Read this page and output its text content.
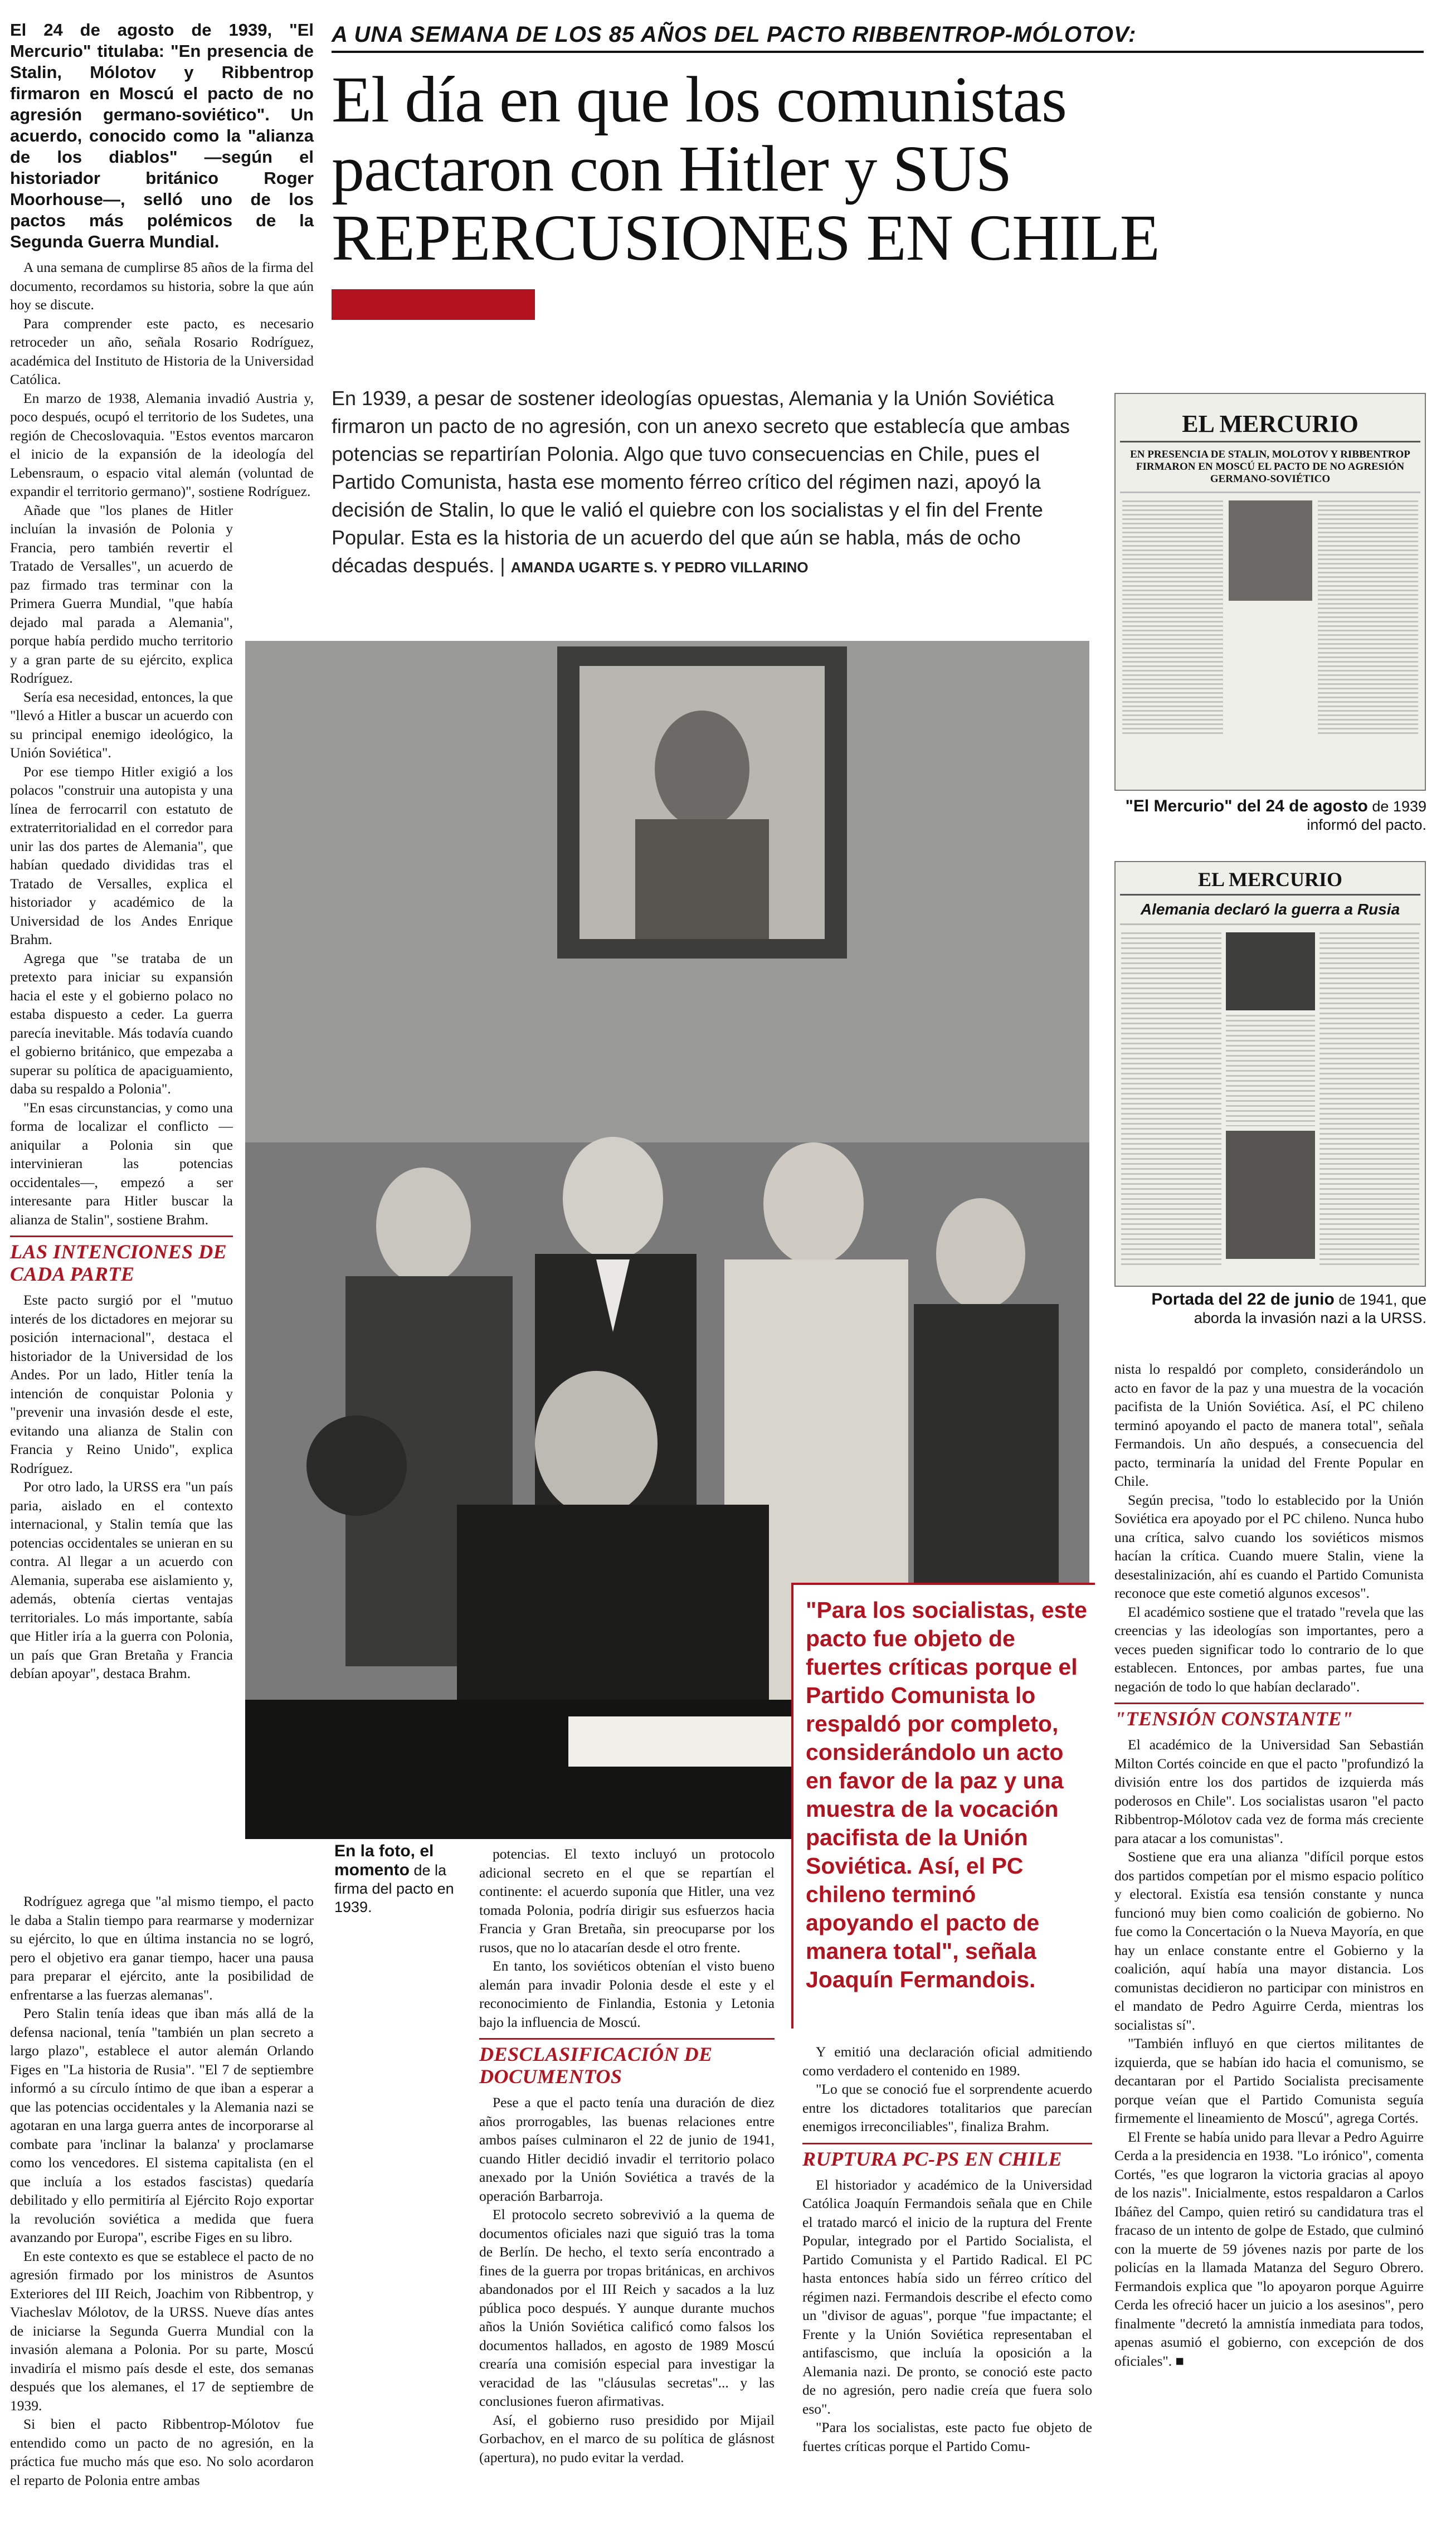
A UNA SEMANA DE LOS 85 AÑOS DEL PACTO RIBBENTROP-MÓLOTOV:
El día en que los comunistas
pactaron con Hitler y SUS
REPERCUSIONES EN CHILE
En 1939, a pesar de sostener ideologías opuestas, Alemania y la Unión Soviética firmaron un pacto de no agresión, con un anexo secreto que establecía que ambas potencias se repartirían Polonia. Algo que tuvo consecuencias en Chile, pues el Partido Comunista, hasta ese momento férreo crítico del régimen nazi, apoyó la decisión de Stalin, lo que le valió el quiebre con los socialistas y el fin del Frente Popular. Esta es la historia de un acuerdo del que aún se habla, más de ocho décadas después. | AMANDA UGARTE S. Y PEDRO VILLARINO
El 24 de agosto de 1939, "El Mercurio" titulaba: "En presencia de Stalin, Mólotov y Ribbentrop firmaron en Moscú el pacto de no agresión germano-soviético". Un acuerdo, conocido como la "alianza de los diablos" —según el historiador británico Roger Moorhouse—, selló uno de los pactos más polémicos de la Segunda Guerra Mundial.

A una semana de cumplirse 85 años de la firma del documento, recordamos su historia, sobre la que aún hoy se discute.

Para comprender este pacto, es necesario retroceder un año, señala Rosario Rodríguez, académica del Instituto de Historia de la Universidad Católica.

En marzo de 1938, Alemania invadió Austria y, poco después, ocupó el territorio de los Sudetes, una región de Checoslovaquia. "Estos eventos marcaron el inicio de la expansión de la ideología del Lebensraum, o espacio vital alemán (voluntad de expandir el territorio germano)", sostiene Rodríguez.

Añade que "los planes de Hitler incluían la invasión de Polonia y Francia, pero también revertir el Tratado de Versalles", un acuerdo de paz firmado tras terminar con la Primera Guerra Mundial, "que había dejado mal parada a Alemania", porque había perdido mucho territorio y a gran parte de su ejército, explica Rodríguez.

Sería esa necesidad, entonces, la que "llevó a Hitler a buscar un acuerdo con su principal enemigo ideológico, la Unión Soviética".

Por ese tiempo Hitler exigió a los polacos "construir una autopista y una línea de ferrocarril con estatuto de extraterritorialidad en el corredor para unir las dos partes de Alemania", que habían quedado divididas tras el Tratado de Versalles, explica el historiador y académico de la Universidad de los Andes Enrique Brahm.

Agrega que "se trataba de un pretexto para iniciar su expansión hacia el este y el gobierno polaco no estaba dispuesto a ceder. La guerra parecía inevitable. Más todavía cuando el gobierno británico, que empezaba a superar su política de apaciguamiento, daba su respaldo a Polonia".

"En esas circunstancias, y como una forma de localizar el conflicto —aniquilar a Polonia sin que intervinieran las potencias occidentales—, empezó a ser interesante para Hitler buscar la alianza de Stalin", sostiene Brahm.

LAS INTENCIONES DE CADA PARTE

Este pacto surgió por el "mutuo interés de los dictadores en mejorar su posición internacional", destaca el historiador de la Universidad de los Andes. Por un lado, Hitler tenía la intención de conquistar Polonia y "prevenir una invasión desde el este, evitando una alianza de Stalin con Francia y Reino Unido", explica Rodríguez.

Por otro lado, la URSS era "un país paria, aislado en el contexto internacional, y Stalin temía que las potencias occidentales se unieran en su contra. Al llegar a un acuerdo con Alemania, superaba ese aislamiento y, además, obtenía ciertas ventajas territoriales. Lo más importante, sabía que Hitler iría a la guerra con Polonia, un país que Gran Bretaña y Francia debían apoyar", destaca Brahm.

Rodríguez agrega que "al mismo tiempo, el pacto le daba a Stalin tiempo para rearmarse y modernizar su ejército, lo que en última instancia no se logró, pero el objetivo era ganar tiempo, hacer una pausa para preparar el ejército, ante la posibilidad de enfrentarse a las fuerzas alemanas".

Pero Stalin tenía ideas que iban más allá de la defensa nacional, tenía "también un plan secreto a largo plazo", establece el autor alemán Orlando Figes en "La historia de Rusia". "El 7 de septiembre informó a su círculo íntimo de que iban a esperar a que las potencias occidentales y la Alemania nazi se agotaran en una larga guerra antes de incorporarse al combate para 'inclinar la balanza' y proclamarse como los vencedores. El sistema capitalista (en el que incluía a los estados fascistas) quedaría debilitado y ello permitiría al Ejército Rojo exportar la revolución soviética a medida que fuera avanzando por Europa", escribe Figes en su libro.

En este contexto es que se establece el pacto de no agresión firmado por los ministros de Asuntos Exteriores del III Reich, Joachim von Ribbentrop, y Viacheslav Mólotov, de la URSS. Nueve días antes de iniciarse la Segunda Guerra Mundial con la invasión alemana a Polonia. Por su parte, Moscú invadiría el mismo país desde el este, dos semanas después que los alemanes, el 17 de septiembre de 1939.

Si bien el pacto Ribbentrop-Mólotov fue entendido como un pacto de no agresión, en la práctica fue mucho más que eso. No solo acordaron el reparto de Polonia entre ambas

En la foto, el momento de la firma del pacto en 1939.

potencias. El texto incluyó un protocolo adicional secreto en el que se repartían el continente: el acuerdo suponía que Hitler, una vez tomada Polonia, podría dirigir sus esfuerzos hacia Francia y Gran Bretaña, sin preocuparse por los rusos, que no lo atacarían desde el otro frente.

En tanto, los soviéticos obtenían el visto bueno alemán para invadir Polonia desde el este y el reconocimiento de Finlandia, Estonia y Letonia bajo la influencia de Moscú.

DESCLASIFICACIÓN DE DOCUMENTOS

Pese a que el pacto tenía una duración de diez años prorrogables, las buenas relaciones entre ambos países culminaron el 22 de junio de 1941, cuando Hitler decidió invadir el territorio polaco anexado por la Unión Soviética a través de la operación Barbarroja.

El protocolo secreto sobrevivió a la quema de documentos oficiales nazi que siguió tras la toma de Berlín. De hecho, el texto sería encontrado a fines de la guerra por tropas británicas, en archivos abandonados por el III Reich y sacados a la luz pública poco después. Y aunque durante muchos años la Unión Soviética calificó como falsos los documentos hallados, en agosto de 1989 Moscú crearía una comisión especial para investigar la veracidad de las "cláusulas secretas"... y las conclusiones fueron afirmativas.

Así, el gobierno ruso presidido por Mijail Gorbachov, en el marco de su política de glásnost (apertura), no pudo evitar la verdad.

"Para los socialistas, este pacto fue objeto de fuertes críticas porque el Partido Comunista lo respaldó por completo, considerándolo un acto en favor de la paz y una muestra de la vocación pacifista de la Unión Soviética. Así, el PC chileno terminó apoyando el pacto de manera total", señala Joaquín Fermandois.

Y emitió una declaración oficial admitiendo como verdadero el contenido en 1989.

"Lo que se conoció fue el sorprendente acuerdo entre los dictadores totalitarios que parecían enemigos irreconciliables", finaliza Brahm.

RUPTURA PC-PS EN CHILE

El historiador y académico de la Universidad Católica Joaquín Fermandois señala que en Chile el tratado marcó el inicio de la ruptura del Frente Popular, integrado por el Partido Socialista, el Partido Comunista y el Partido Radical. El PC hasta entonces había sido un férreo crítico del régimen nazi. Fermandois describe el efecto como un "divisor de aguas", porque "fue impactante; el Frente y la Unión Soviética representaban el antifascismo, que incluía la oposición a la Alemania nazi. De pronto, se conoció este pacto de no agresión, pero nadie creía que fuera solo eso".

"Para los socialistas, este pacto fue objeto de fuertes críticas porque el Partido Comu-

EL MERCURIO
EN PRESENCIA DE STALIN, MOLOTOV Y RIBBENTROP FIRMARON EN MOSCÚ EL PACTO DE NO AGRESIÓN GERMANO-SOVIÉTICO
"El Mercurio" del 24 de agosto de 1939 informó del pacto.
EL MERCURIO
Alemania declaró la guerra a Rusia
Portada del 22 de junio de 1941, que aborda la invasión nazi a la URSS.

nista lo respaldó por completo, considerándolo un acto en favor de la paz y una muestra de la vocación pacifista de la Unión Soviética. Así, el PC chileno terminó apoyando el pacto de manera total", señala Fermandois. Un año después, a consecuencia del pacto, terminaría la unidad del Frente Popular en Chile.

Según precisa, "todo lo establecido por la Unión Soviética era apoyado por el PC chileno. Nunca hubo una crítica, salvo cuando los soviéticos mismos hacían la crítica. Cuando muere Stalin, viene la desestalinización, ahí es cuando el Partido Comunista reconoce que este cometió algunos excesos".

El académico sostiene que el tratado "revela que las creencias y las ideologías son importantes, pero a veces pueden significar todo lo contrario de lo que establecen. Entonces, por ambas partes, fue una negación de todo lo que habían declarado".

"TENSIÓN CONSTANTE"

El académico de la Universidad San Sebastián Milton Cortés coincide en que el pacto "profundizó la división entre los dos partidos de izquierda más poderosos en Chile". Los socialistas usaron "el pacto Ribbentrop-Mólotov cada vez de forma más creciente para atacar a los comunistas".

Sostiene que era una alianza "difícil porque estos dos partidos competían por el mismo espacio político y electoral. Existía esa tensión constante y nunca funcionó muy bien como coalición de gobierno. No fue como la Concertación o la Nueva Mayoría, en que hay un enlace constante entre el Gobierno y la coalición, aquí había una mayor distancia. Los comunistas decidieron no participar con ministros en el mandato de Pedro Aguirre Cerda, mientras los socialistas sí".

"También influyó en que ciertos militantes de izquierda, que se habían ido hacia el comunismo, se decantaran por el Partido Socialista precisamente porque veían que el Partido Comunista seguía firmemente el lineamiento de Moscú", agrega Cortés.

El Frente se había unido para llevar a Pedro Aguirre Cerda a la presidencia en 1938. "Lo irónico", comenta Cortés, "es que lograron la victoria gracias al apoyo de los nazis". Inicialmente, estos respaldaron a Carlos Ibáñez del Campo, quien retiró su candidatura tras el fracaso de un intento de golpe de Estado, que culminó con la muerte de 59 jóvenes nazis por parte de los policías en la llamada Matanza del Seguro Obrero. Fermandois explica que "lo apoyaron porque Aguirre Cerda les ofreció hacer un juicio a los asesinos", pero finalmente "decretó la amnistía inmediata para todos, apenas asumió el gobierno, con excepción de dos oficiales". ■
